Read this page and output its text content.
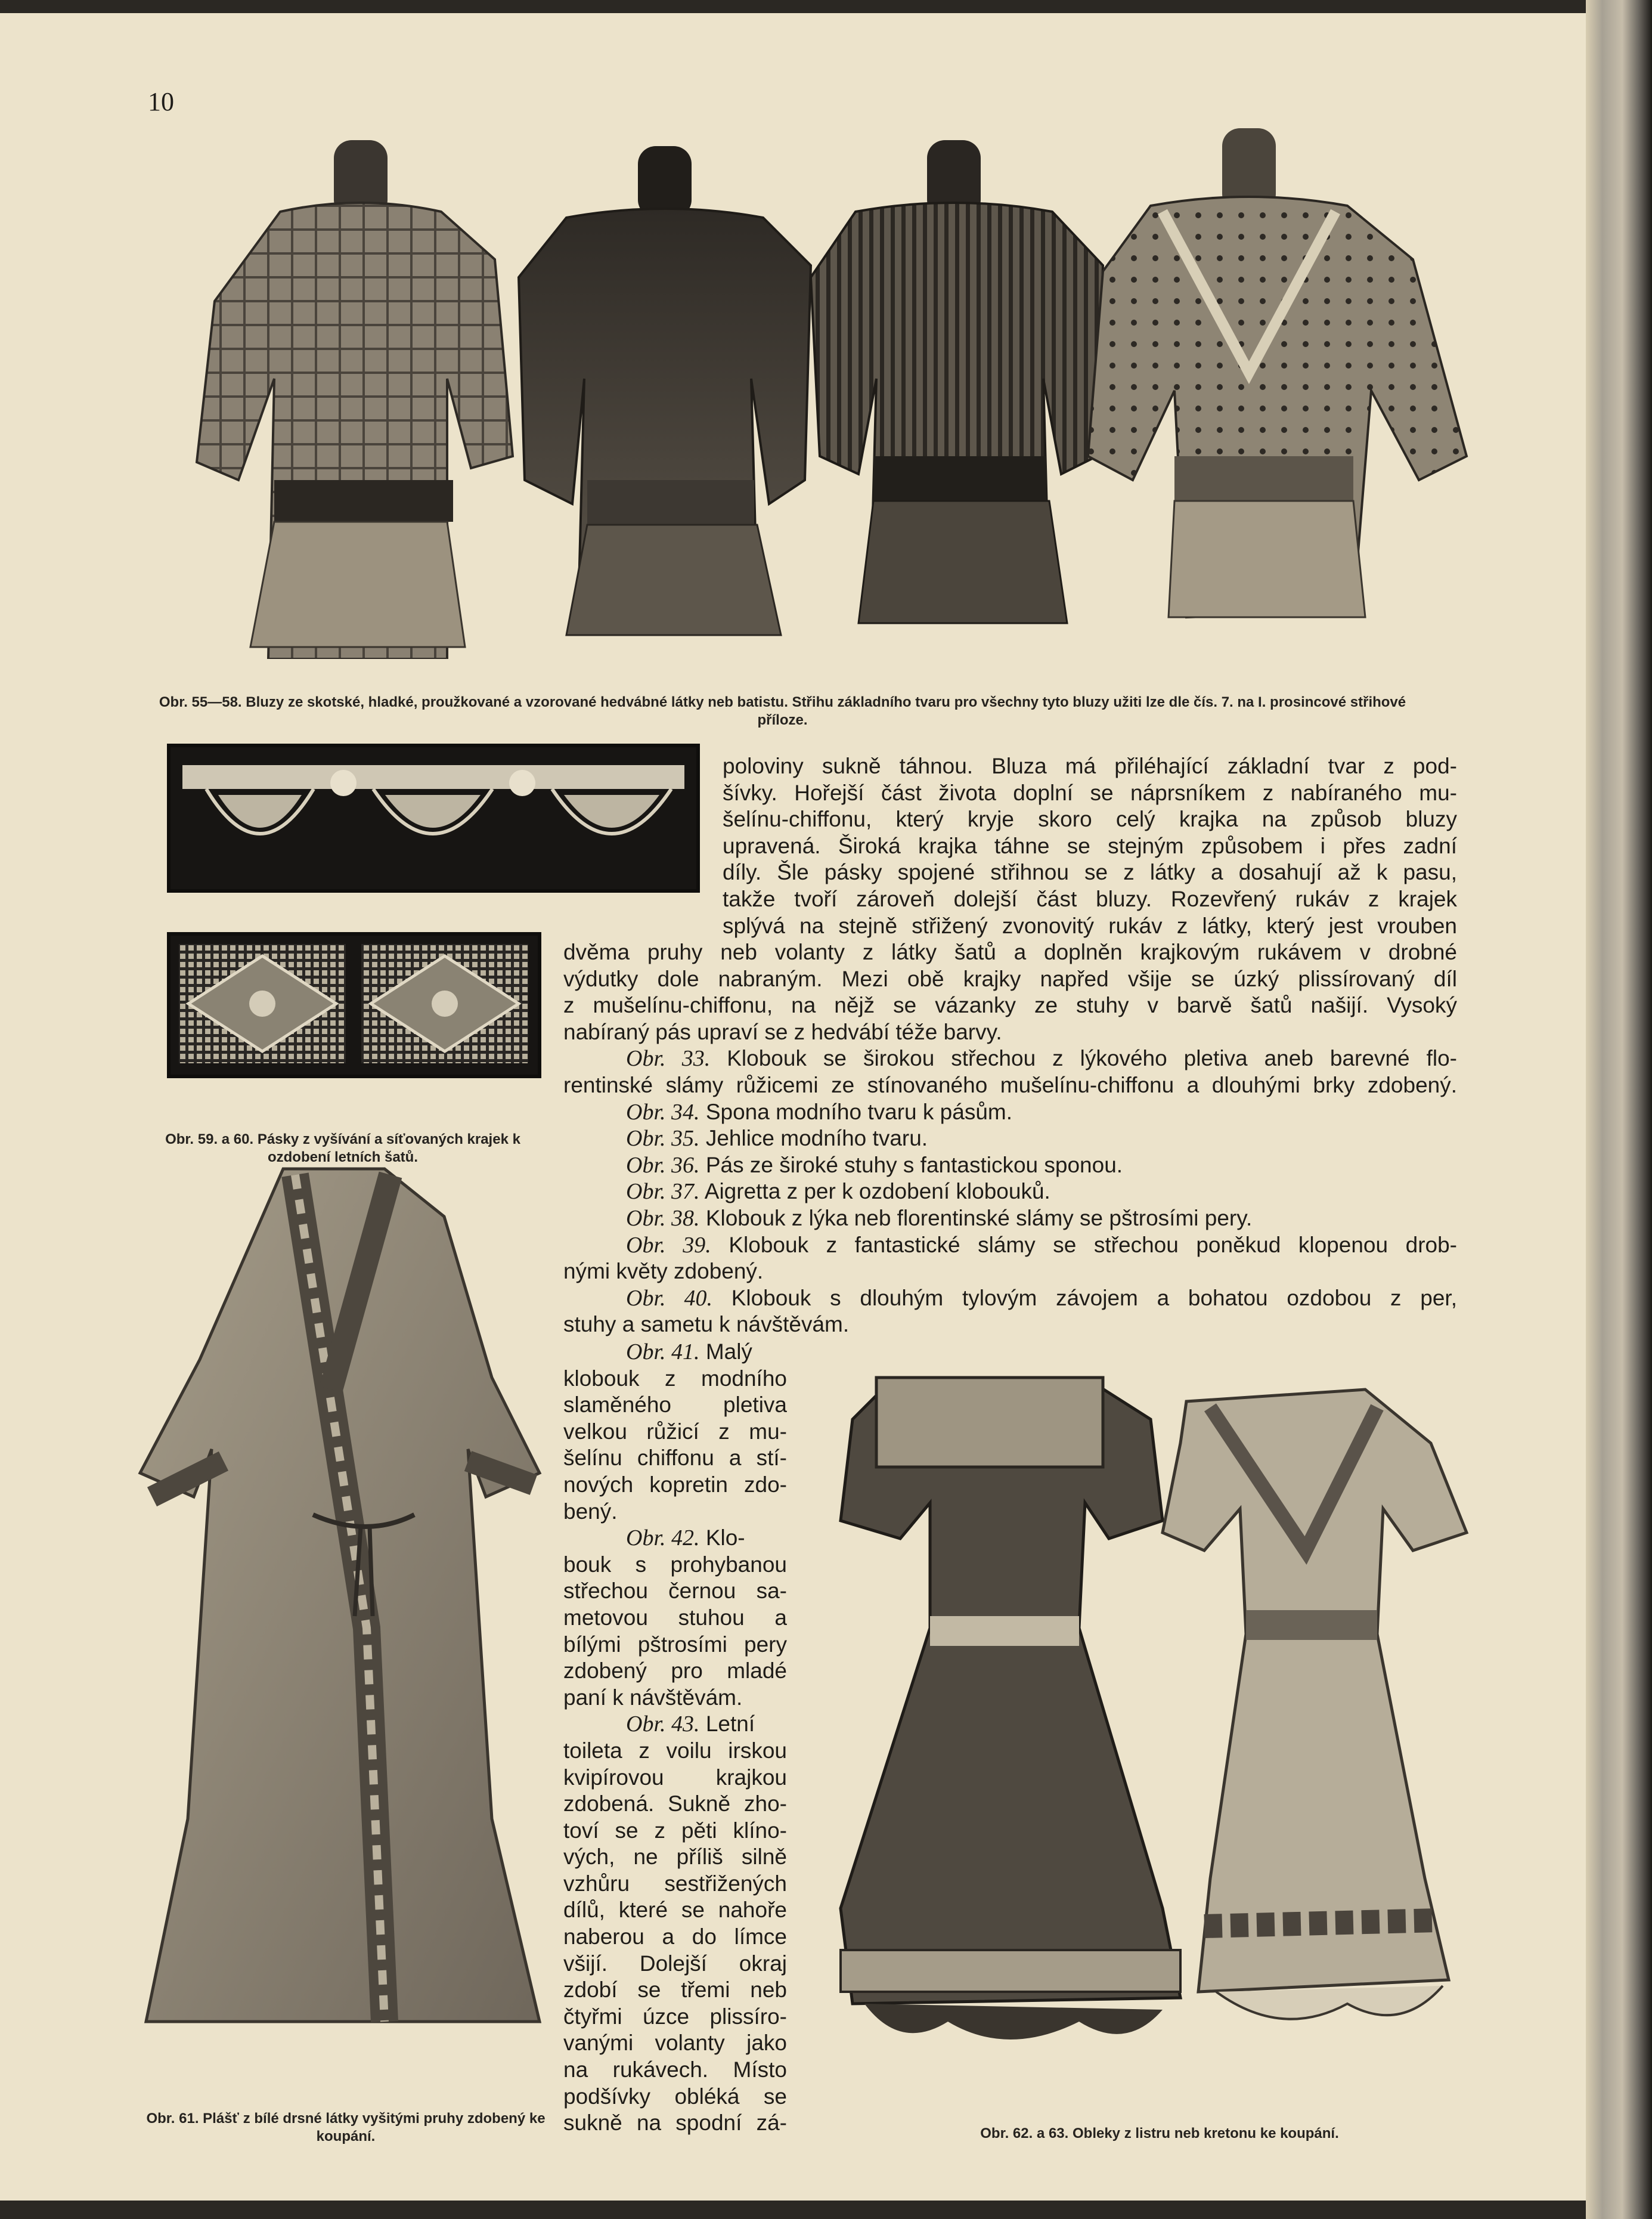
10
Obr. 55—58. Bluzy ze skotské, hladké, proužkované a vzorované hedvábné látky neb batistu. Střihu základního tvaru pro všechny tyto bluzy užiti lze dle čís. 7. na I. prosincové střihové příloze.
Obr. 59. a 60. Pásky z vyšívání a síťovaných krajek k ozdobení letních šatů.
Obr. 61. Plášť z bílé drsné látky vyšitými pruhy zdobený ke koupání.	Obr. 62. a 63. Obleky z listru neb kretonu ke koupání.
poloviny sukně táhnou. Bluza má přiléhající základní tvar z pod-
šívky. Hořejší část života doplní se náprsníkem z nabíraného mu-
šelínu-chiffonu, který kryje skoro celý krajka na způsob bluzy
upravená. Široká krajka táhne se stejným způsobem i přes zadní
díly. Šle pásky spojené střihnou se z látky a dosahují až k pasu,
takže tvoří zároveň dolejší část bluzy. Rozevřený rukáv z krajek
splývá na stejně střižený zvonovitý rukáv z látky, který jest vrouben
dvěma pruhy neb volanty z látky šatů a doplněn krajkovým rukávem v drobné
výdutky dole nabraným. Mezi obě krajky napřed všije se úzký plissírovaný díl
z mušelínu-chiffonu, na nějž se vázanky ze stuhy v barvě šatů našijí. Vysoký
nabíraný pás upraví se z hedvábí téže barvy.
Obr. 33. Klobouk se širokou střechou z lýkového pletiva aneb barevné flo-
rentinské slámy růžicemi ze stínovaného mušelínu-chiffonu a dlouhými brky zdobený.
Obr. 34. Spona modního tvaru k pásům.
Obr. 35. Jehlice modního tvaru.
Obr. 36. Pás ze široké stuhy s fantastickou sponou.
Obr. 37. Aigretta z per k ozdobení klobouků.
Obr. 38. Klobouk z lýka neb florentinské slámy se pštrosími pery.
Obr. 39. Klobouk z fantastické slámy se střechou poněkud klopenou drob-
nými květy zdobený.
Obr. 40. Klobouk s dlouhým tylovým závojem a bohatou ozdobou z per,
stuhy a sametu k návštěvám.
Obr. 41. Malý
klobouk z modního
slaměného pletiva
velkou růžicí z mu-
šelínu chiffonu a stí-
nových kopretin zdo-
bený.
Obr. 42. Klo-
bouk s prohybanou
střechou černou sa-
metovou stuhou a
bílými pštrosími pery
zdobený pro mladé
paní k návštěvám.
Obr. 43. Letní
toileta z voilu irskou
kvipírovou krajkou
zdobená. Sukně zho-
toví se z pěti klíno-
vých, ne příliš silně
vzhůru sestřižených
dílů, které se nahoře
naberou a do límce
všijí. Dolejší okraj
zdobí se třemi neb
čtyřmi úzce plissíro-
vanými volanty jako
na rukávech. Místo
podšívky obléká se
sukně na spodní zá-
